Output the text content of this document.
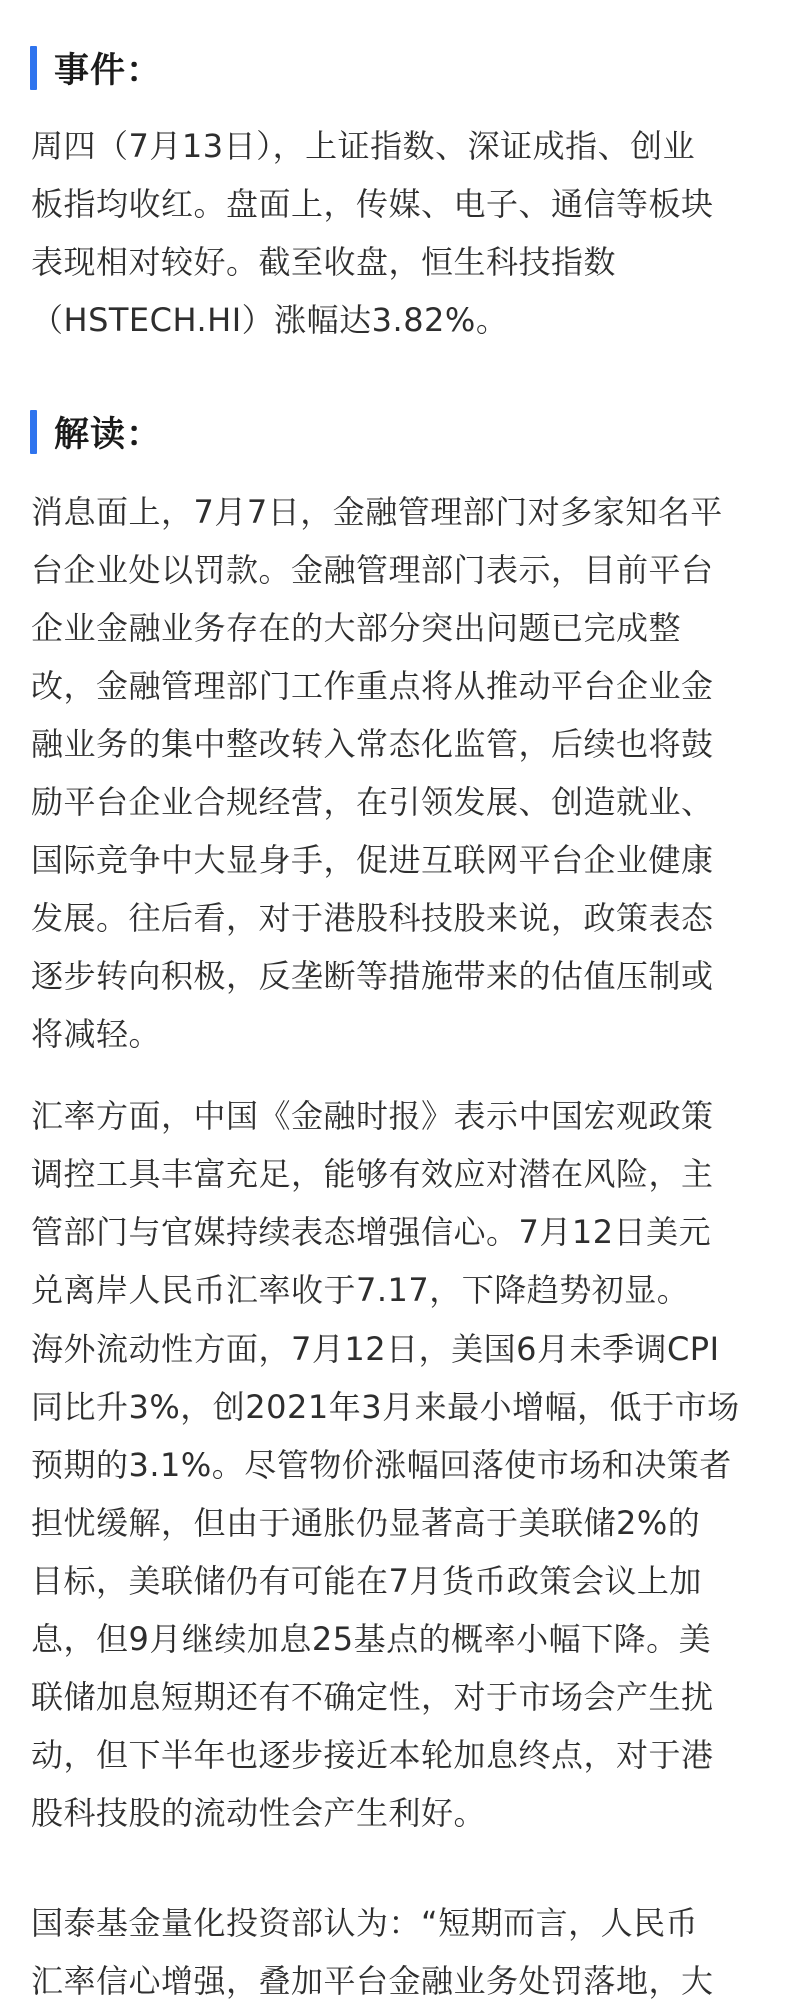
事件：

周四（7月13日），上证指数、深证成指、创业
板指均收红。盘面上，传媒、电子、通信等板块
表现相对较好。截至收盘，恒生科技指数
（HSTECH.HI）涨幅达3.82%。

解读：

消息面上，7月7日，金融管理部门对多家知名平
台企业处以罚款。金融管理部门表示，目前平台
企业金融业务存在的大部分突出问题已完成整
改，金融管理部门工作重点将从推动平台企业金
融业务的集中整改转入常态化监管，后续也将鼓
励平台企业合规经营，在引领发展、创造就业、
国际竞争中大显身手，促进互联网平台企业健康
发展。往后看，对于港股科技股来说，政策表态
逐步转向积极，反垄断等措施带来的估值压制或
将减轻。

汇率方面，中国《金融时报》表示中国宏观政策
调控工具丰富充足，能够有效应对潜在风险，主
管部门与官媒持续表态增强信心。7月12日美元
兑离岸人民币汇率收于7.17，下降趋势初显。

海外流动性方面，7月12日，美国6月未季调CPI
同比升3%，创2021年3月来最小增幅，低于市场
预期的3.1%。尽管物价涨幅回落使市场和决策者
担忧缓解，但由于通胀仍显著高于美联储2%的
目标，美联储仍有可能在7月货币政策会议上加
息，但9月继续加息25基点的概率小幅下降。美
联储加息短期还有不确定性，对于市场会产生扰
动，但下半年也逐步接近本轮加息终点，对于港
股科技股的流动性会产生利好。

国泰基金量化投资部认为：“短期而言，人民币
汇率信心增强，叠加平台金融业务处罚落地，大
